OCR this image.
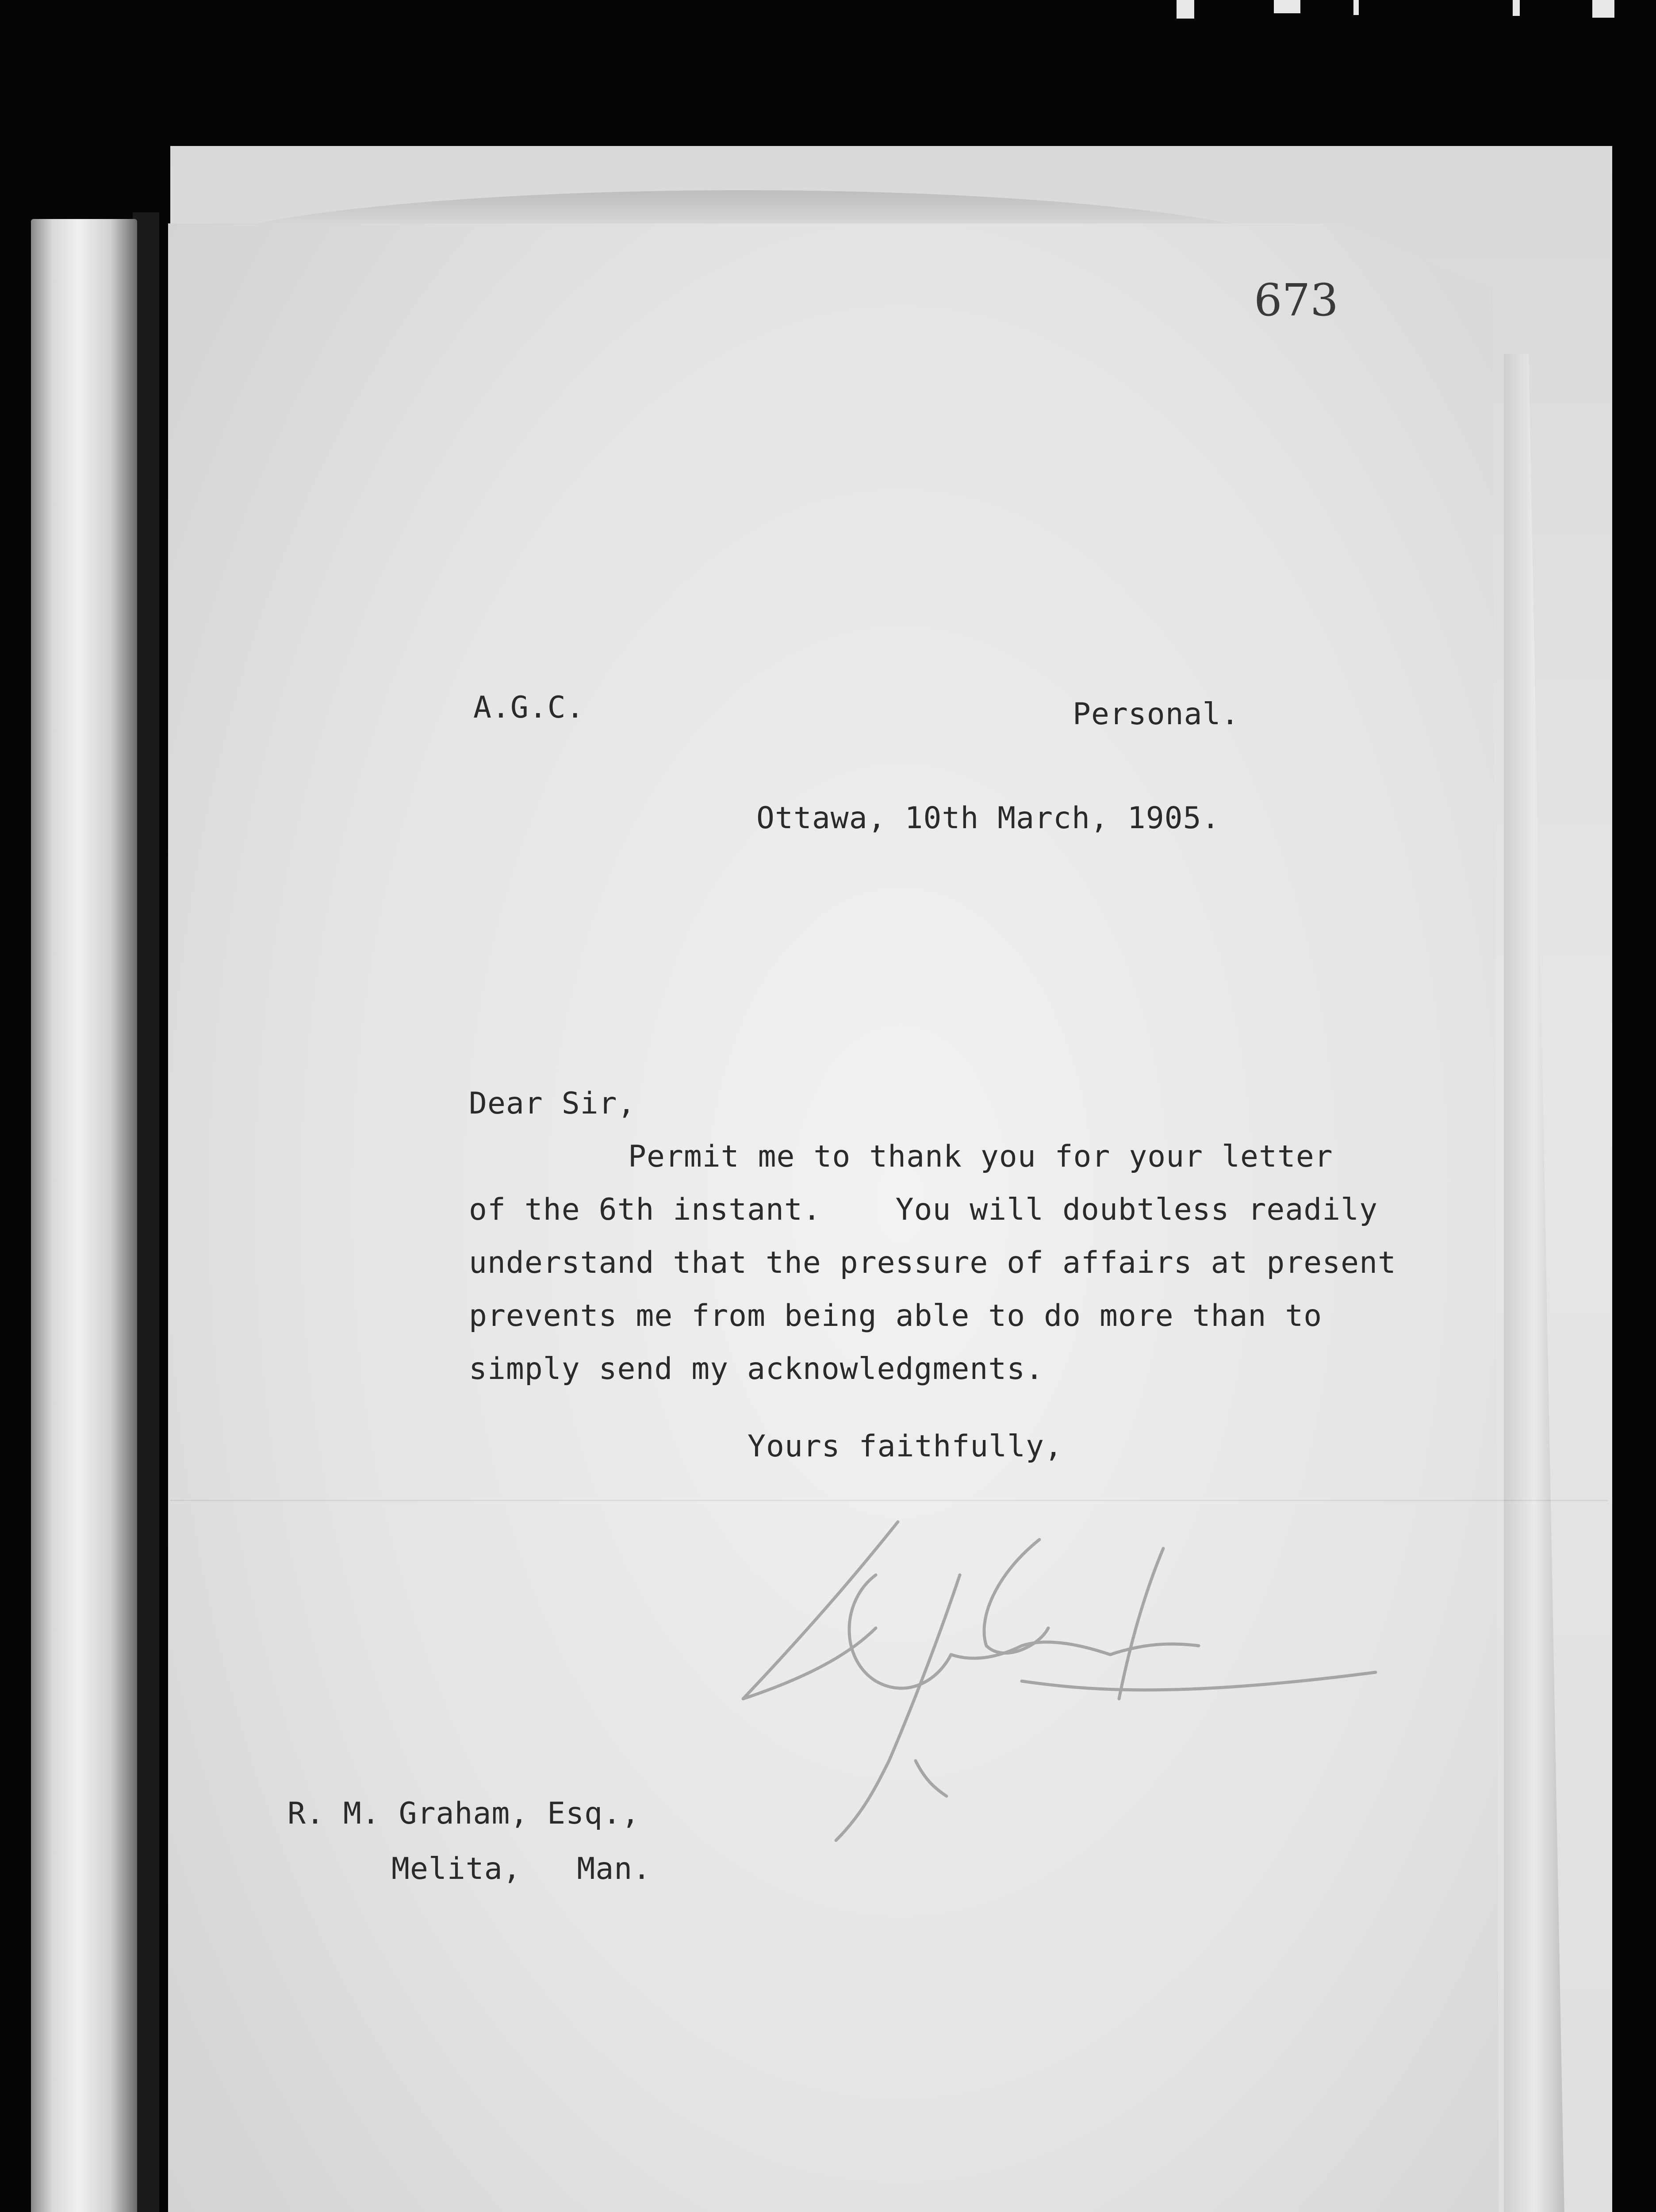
673
A.G.C.	Personal.
Ottawa, 10th March, 1905.
Dear Sir,
Permit me to thank you for your letter
of the 6th instant.    You will doubtless readily
understand that the pressure of affairs at present
prevents me from being able to do more than to
simply send my acknowledgments.
Yours faithfully,
R. M. Graham, Esq.,
Melita,   Man.
